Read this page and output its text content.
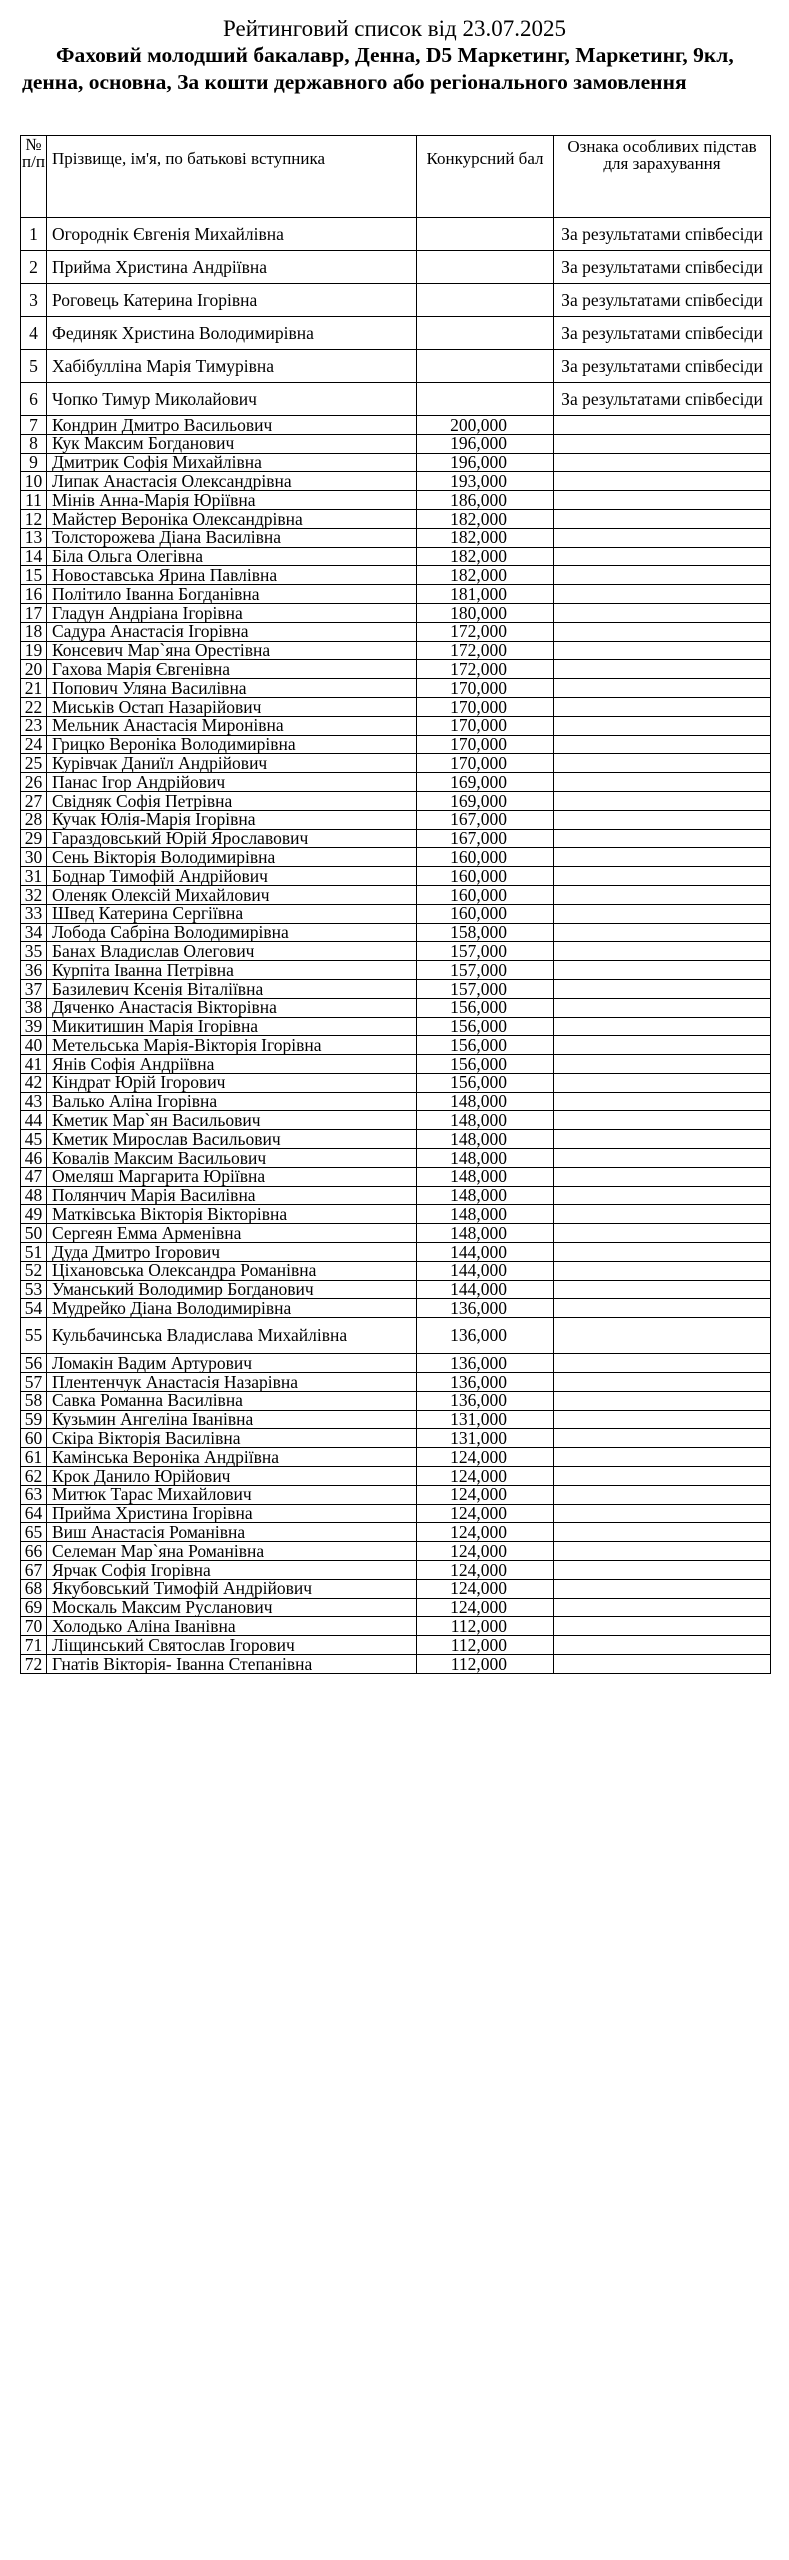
Рейтинговий список від 23.07.2025
Фаховий молодший бакалавр, Денна, D5 Маркетинг, Маркетинг, 9кл, денна, основна, За кошти державного або регіонального замовлення
№ п/п	Прізвище, ім'я, по батькові вступника	Конкурсний бал	Ознака особливих підстав для зарахування
1	Огороднік Євгенія Михайлівна		За результатами співбесіди
2	Прийма Христина Андріївна		За результатами співбесіди
3	Роговець Катерина Ігорівна		За результатами співбесіди
4	Фединяк Христина Володимирівна		За результатами співбесіди
5	Хабібулліна Марія Тимурівна		За результатами співбесіди
6	Чопко Тимур Миколайович		За результатами співбесіди
7	Кондрин Дмитро Васильович	200,000	
8	Кук Максим Богданович	196,000	
9	Дмитрик Софія Михайлівна	196,000	
10	Липак Анастасія Олександрівна	193,000	
11	Мінів Анна-Марія Юріївна	186,000	
12	Майстер Вероніка Олександрівна	182,000	
13	Толсторожева Діана Василівна	182,000	
14	Біла Ольга Олегівна	182,000	
15	Новоставська Ярина Павлівна	182,000	
16	Політило Іванна Богданівна	181,000	
17	Гладун Андріана Ігорівна	180,000	
18	Садура Анастасія Ігорівна	172,000	
19	Консевич Мар`яна Орестівна	172,000	
20	Гахова Марія Євгенівна	172,000	
21	Попович Уляна Василівна	170,000	
22	Миськів Остап Назарійович	170,000	
23	Мельник Анастасія Миронівна	170,000	
24	Грицко Вероніка Володимирівна	170,000	
25	Курівчак Даниїл Андрійович	170,000	
26	Панас Ігор Андрійович	169,000	
27	Свідняк Софія Петрівна	169,000	
28	Кучак Юлія-Марія Ігорівна	167,000	
29	Гараздовський Юрій Ярославович	167,000	
30	Сень Вікторія Володимирівна	160,000	
31	Боднар Тимофій Андрійович	160,000	
32	Оленяк Олексій Михайлович	160,000	
33	Швед Катерина Сергіївна	160,000	
34	Лобода Сабріна Володимирівна	158,000	
35	Банах Владислав Олегович	157,000	
36	Курпіта Іванна Петрівна	157,000	
37	Базилевич Ксенія Віталіївна	157,000	
38	Дяченко Анастасія Вікторівна	156,000	
39	Микитишин Марія Ігорівна	156,000	
40	Метельська Марія-Вікторія Ігорівна	156,000	
41	Янів Софія Андріївна	156,000	
42	Кіндрат Юрій Ігорович	156,000	
43	Валько Аліна Ігорівна	148,000	
44	Кметик Мар`ян Васильович	148,000	
45	Кметик Мирослав Васильович	148,000	
46	Ковалів Максим Васильович	148,000	
47	Омеляш Маргарита Юріївна	148,000	
48	Полянчич Марія Василівна	148,000	
49	Матківська Вікторія Вікторівна	148,000	
50	Сергеян Емма Арменівна	148,000	
51	Дуда Дмитро Ігорович	144,000	
52	Ціхановська Олександра Романівна	144,000	
53	Уманський Володимир Богданович	144,000	
54	Мудрейко Діана Володимирівна	136,000	
55	Кульбачинська Владислава Михайлівна	136,000	
56	Ломакін Вадим Артурович	136,000	
57	Плентенчук Анастасія Назарівна	136,000	
58	Савка Романна Василівна	136,000	
59	Кузьмин Ангеліна Іванівна	131,000	
60	Скіра Вікторія Василівна	131,000	
61	Камінська Вероніка Андріївна	124,000	
62	Крок Данило Юрійович	124,000	
63	Митюк Тарас Михайлович	124,000	
64	Прийма Христина Ігорівна	124,000	
65	Виш Анастасія Романівна	124,000	
66	Селеман Мар`яна Романівна	124,000	
67	Ярчак Софія Ігорівна	124,000	
68	Якубовський Тимофій Андрійович	124,000	
69	Москаль Максим Русланович	124,000	
70	Холодько Аліна Іванівна	112,000	
71	Ліщинський Святослав Ігорович	112,000	
72	Гнатів Вікторія- Іванна Степанівна	112,000	
